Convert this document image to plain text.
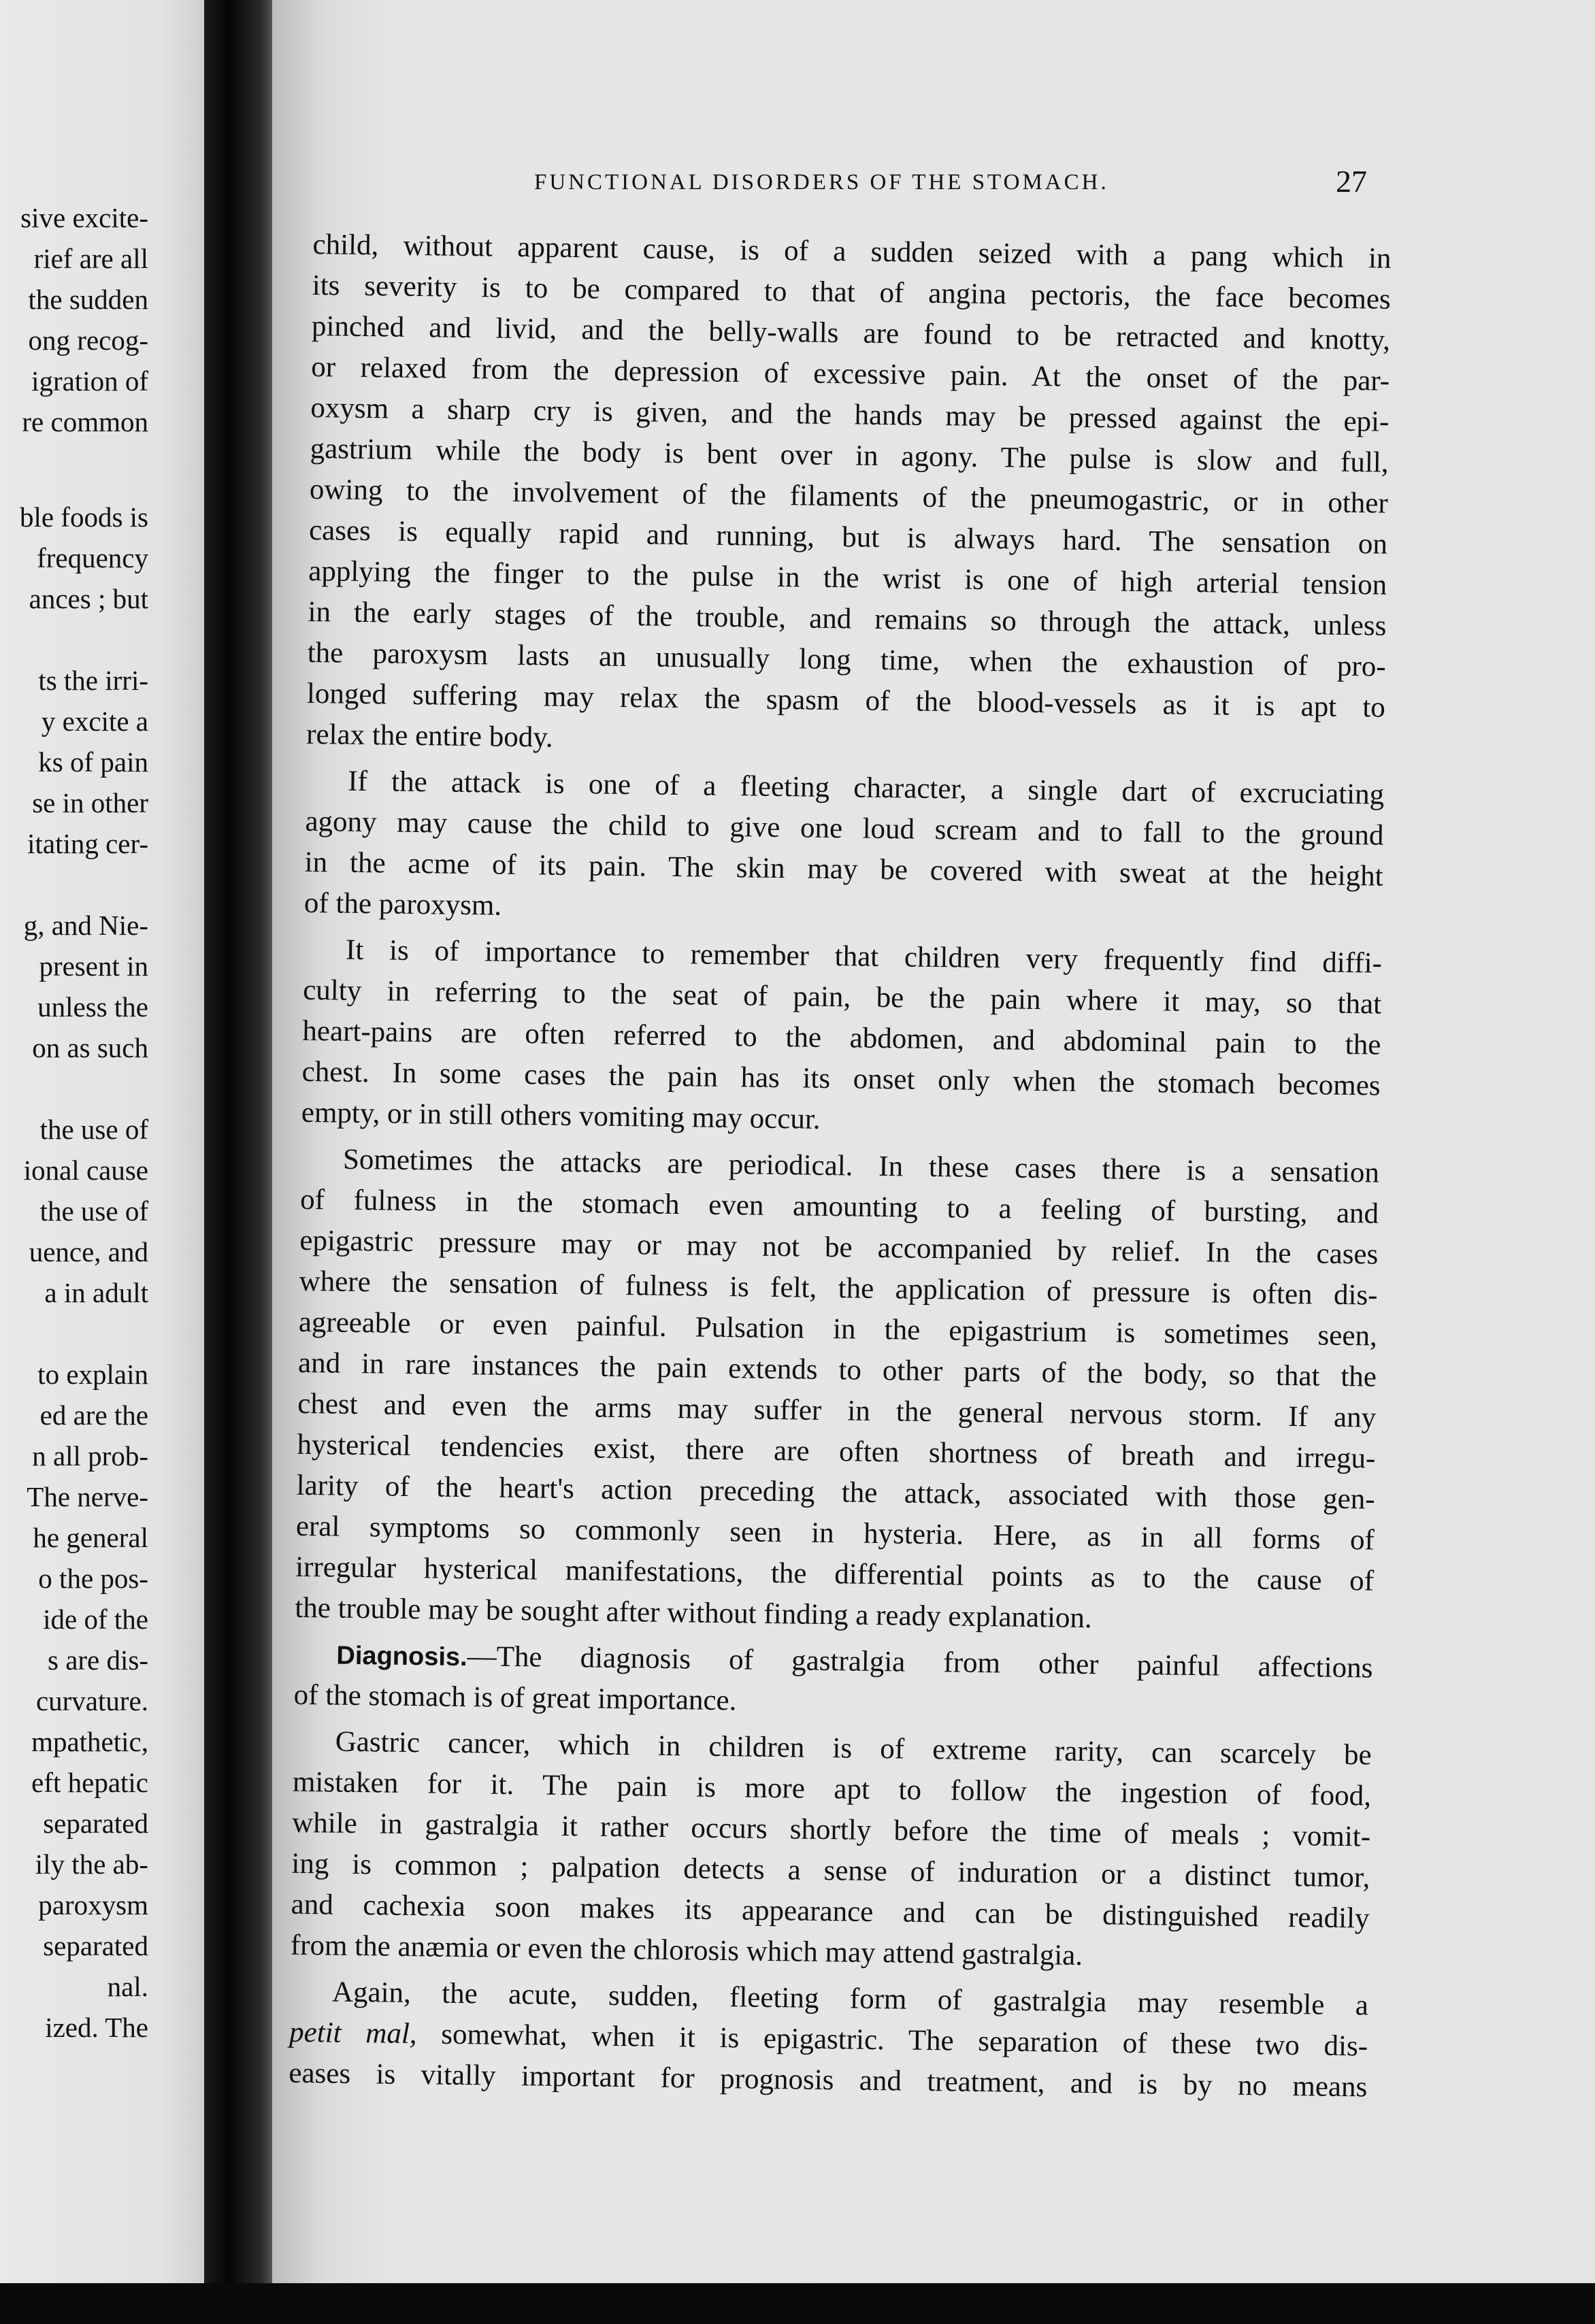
sive excite-
rief are all
the sudden
ong recog-
igration of
re common
ble foods is
frequency
ances ; but
ts the irri-
y excite a
ks of pain
se in other
itating cer-
g, and Nie-
present in
unless the
on as such
the use of
ional cause
the use of
uence, and
a in adult
to explain
ed are the
n all prob-
The nerve-
he general
o the pos-
ide of the
s are dis-
curvature.
mpathetic,
eft hepatic
separated
ily the ab-
paroxysm
separated
nal.
ized. The
FUNCTIONAL DISORDERS OF THE STOMACH.	27
child, without apparent cause, is of a sudden seized with a pang which in
its severity is to be compared to that of angina pectoris, the face becomes
pinched and livid, and the belly-walls are found to be retracted and knotty,
or relaxed from the depression of excessive pain. At the onset of the par-
oxysm a sharp cry is given, and the hands may be pressed against the epi-
gastrium while the body is bent over in agony. The pulse is slow and full,
owing to the involvement of the filaments of the pneumogastric, or in other
cases is equally rapid and running, but is always hard. The sensation on
applying the finger to the pulse in the wrist is one of high arterial tension
in the early stages of the trouble, and remains so through the attack, unless
the paroxysm lasts an unusually long time, when the exhaustion of pro-
longed suffering may relax the spasm of the blood-vessels as it is apt to
relax the entire body.
If the attack is one of a fleeting character, a single dart of excruciating
agony may cause the child to give one loud scream and to fall to the ground
in the acme of its pain. The skin may be covered with sweat at the height
of the paroxysm.
It is of importance to remember that children very frequently find diffi-
culty in referring to the seat of pain, be the pain where it may, so that
heart-pains are often referred to the abdomen, and abdominal pain to the
chest. In some cases the pain has its onset only when the stomach becomes
empty, or in still others vomiting may occur.
Sometimes the attacks are periodical. In these cases there is a sensation
of fulness in the stomach even amounting to a feeling of bursting, and
epigastric pressure may or may not be accompanied by relief. In the cases
where the sensation of fulness is felt, the application of pressure is often dis-
agreeable or even painful. Pulsation in the epigastrium is sometimes seen,
and in rare instances the pain extends to other parts of the body, so that the
chest and even the arms may suffer in the general nervous storm. If any
hysterical tendencies exist, there are often shortness of breath and irregu-
larity of the heart's action preceding the attack, associated with those gen-
eral symptoms so commonly seen in hysteria. Here, as in all forms of
irregular hysterical manifestations, the differential points as to the cause of
the trouble may be sought after without finding a ready explanation.
Diagnosis.—The diagnosis of gastralgia from other painful affections
of the stomach is of great importance.
Gastric cancer, which in children is of extreme rarity, can scarcely be
mistaken for it. The pain is more apt to follow the ingestion of food,
while in gastralgia it rather occurs shortly before the time of meals ; vomit-
ing is common ; palpation detects a sense of induration or a distinct tumor,
and cachexia soon makes its appearance and can be distinguished readily
from the anæmia or even the chlorosis which may attend gastralgia.
Again, the acute, sudden, fleeting form of gastralgia may resemble a
petit mal, somewhat, when it is epigastric. The separation of these two dis-
eases is vitally important for prognosis and treatment, and is by no means
